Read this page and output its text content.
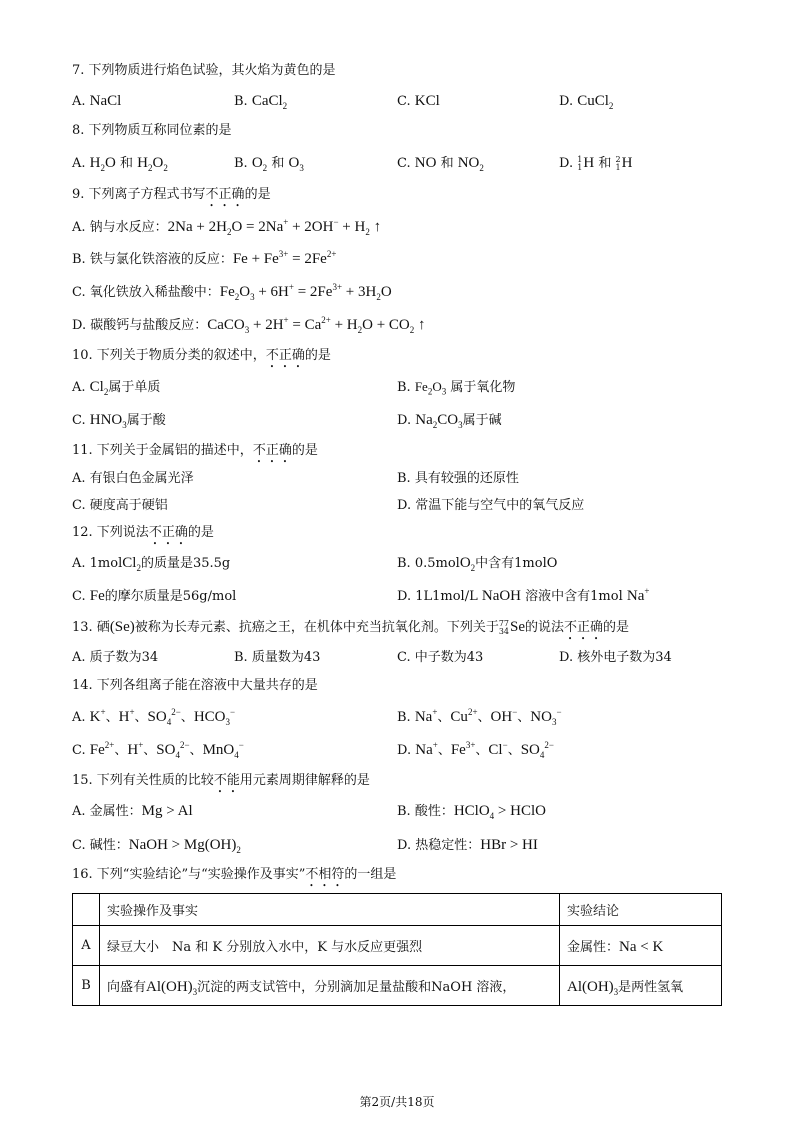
7. 下列物质进行焰色试验，其火焰为黄色的是
A. NaCl	B. CaCl$_2$	C. KCl	D. CuCl$_2$
8. 下列物质互称同位素的是
A. $H_2O$ 和 $H_2O_2$	B. $O_2$ 和 $O_3$	C. NO 和 $NO_2$	D. 1
1 H 和 2
1 H
9. 下列离子方程式书写不正确的是
A. 钠与水反应：$2Na + 2H_2O = 2Na^+ + 2OH^- + H_2$ ↑
B. 铁与氯化铁溶液的反应：$Fe + Fe^{3+} = 2Fe^{2+}$
C. 氧化铁放入稀盐酸中：$Fe_2O_3 + 6H^+ = 2Fe^{3+} + 3H_2O$
D. 碳酸钙与盐酸反应：CaCO$_3$ + $2H^+ = Ca^{2+} + H_2O + CO_2$ ↑
10. 下列关于物质分类的叙述中，不正确的是
A. $Cl_2$属于单质	B. $Fe_2O_3$ 属于氧化物
C. $HNO_3$属于酸	D. $Na_2CO_3$属于碱
11. 下列关于金属铝的描述中，不正确的是
A. 有银白色金属光泽	B. 具有较强的还原性
C. 硬度高于硬铝	D. 常温下能与空气中的氧气反应
12. 下列说法不正确的是
A. 1molCl$_2$的质量是35.5g	B. 0.5molO$_2$中含有1molO
C. Fe的摩尔质量是56g/mol	D. 1L1mol/L NaOH 溶液中含有1mol Na+
13. 硒(Se)被称为长寿元素、抗癌之王，在机体中充当抗氧化剂。下列关于 77
34 Se的说法不正确的是
A. 质子数为34	B. 质量数为43	C. 中子数为43	D. 核外电子数为34
14. 下列各组离子能在溶液中大量共存的是
A. K+、H+、$SO_4^{2-}$、$HCO_3^-$	B. Na+、$Cu^{2+}$、OH−、$NO_3^-$
C. $Fe^{2+}$、H+、$SO_4^{2-}$、MnO$_4$−	D. Na+、$Fe^{3+}$、Cl−、$SO_4^{2-}$
15. 下列有关性质的比较不能用元素周期律解释的是
A. 金属性：Mg > Al	B. 酸性：HClO$_4$ > HClO
C. 碱性：NaOH > $Mg(OH)_2$	D. 热稳定性：HBr > HI
16. 下列“实验结论”与“实验操作及事实”不相符的一组是
	实验操作及事实	实验结论
A	绿豆大小　Na 和 K 分别放入水中，K 与水反应更强烈	金属性：Na < K
B	向盛有$Al(OH)_3$沉淀的两支试管中，分别滴加足量盐酸和NaOH 溶液，	$Al(OH)_3$是两性氢氧
第2页/共18页
